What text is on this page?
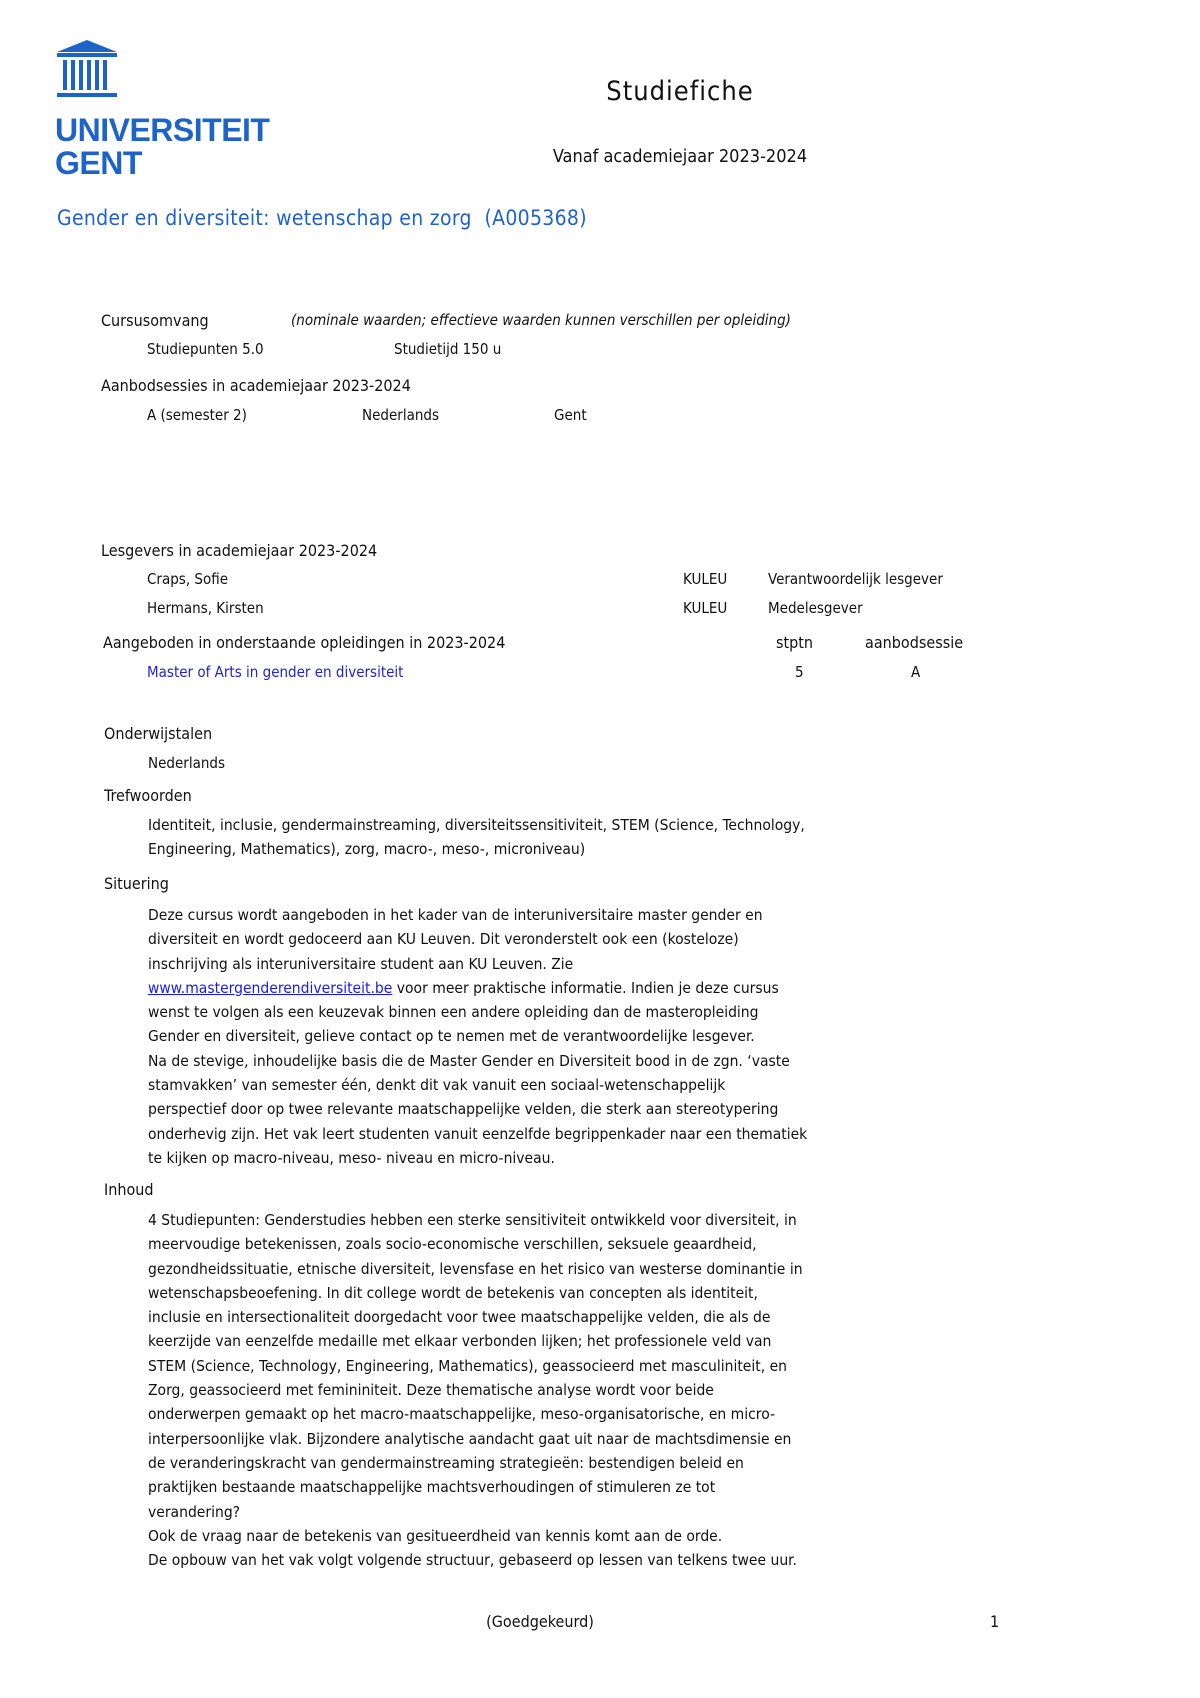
UNIVERSITEIT
GENT
Studiefiche
Vanaf academiejaar 2023-2024
Gender en diversiteit: wetenschap en zorg (A005368)
Cursusomvang	(nominale waarden; effectieve waarden kunnen verschillen per opleiding)
Studiepunten 5.0	Studietijd 150 u
Aanbodsessies in academiejaar 2023-2024
A (semester 2)	Nederlands	Gent
Lesgevers in academiejaar 2023-2024
Craps, Sofie	KULEU	Verantwoordelijk lesgever
Hermans, Kirsten	KULEU	Medelesgever
Aangeboden in onderstaande opleidingen in 2023-2024	stptn	aanbodsessie
Master of Arts in gender en diversiteit	5	A
Onderwijstalen
Nederlands
Trefwoorden
Identiteit, inclusie, gendermainstreaming, diversiteitssensitiviteit, STEM (Science, Technology,
Engineering, Mathematics), zorg, macro-, meso-, microniveau)
Situering

Deze cursus wordt aangeboden in het kader van de interuniversitaire master gender en diversiteit en wordt gedoceerd aan KU Leuven. Dit veronderstelt ook een (kosteloze) inschrijving als interuniversitaire student aan KU Leuven. Zie www.mastergenderendiversiteit.be voor meer praktische informatie. Indien je deze cursus wenst te volgen als een keuzevak binnen een andere opleiding dan de masteropleiding Gender en diversiteit, gelieve contact op te nemen met de verantwoordelijke lesgever.

Na de stevige, inhoudelijke basis die de Master Gender en Diversiteit bood in de zgn. ‘vaste stamvakken’ van semester één, denkt dit vak vanuit een sociaal-wetenschappelijk perspectief door op twee relevante maatschappelijke velden, die sterk aan stereotypering onderhevig zijn. Het vak leert studenten vanuit eenzelfde begrippenkader naar een thematiek te kijken op macro-niveau, meso- niveau en micro-niveau.

Inhoud

4 Studiepunten: Genderstudies hebben een sterke sensitiviteit ontwikkeld voor diversiteit, in meervoudige betekenissen, zoals socio-economische verschillen, seksuele geaardheid, gezondheidssituatie, etnische diversiteit, levensfase en het risico van westerse dominantie in wetenschapsbeoefening. In dit college wordt de betekenis van concepten als identiteit, inclusie en intersectionaliteit doorgedacht voor twee maatschappelijke velden, die als de keerzijde van eenzelfde medaille met elkaar verbonden lijken; het professionele veld van STEM (Science, Technology, Engineering, Mathematics), geassocieerd met masculiniteit, en Zorg, geassocieerd met femininiteit. Deze thematische analyse wordt voor beide onderwerpen gemaakt op het macro-maatschappelijke, meso-organisatorische, en micro-interpersoonlijke vlak. Bijzondere analytische aandacht gaat uit naar de machtsdimensie en de veranderingskracht van gendermainstreaming strategieën: bestendigen beleid en praktijken bestaande maatschappelijke machtsverhoudingen of stimuleren ze tot verandering?

Ook de vraag naar de betekenis van gesitueerdheid van kennis komt aan de orde.

De opbouw van het vak volgt volgende structuur, gebaseerd op lessen van telkens twee uur.

(Goedgekeurd)	1
